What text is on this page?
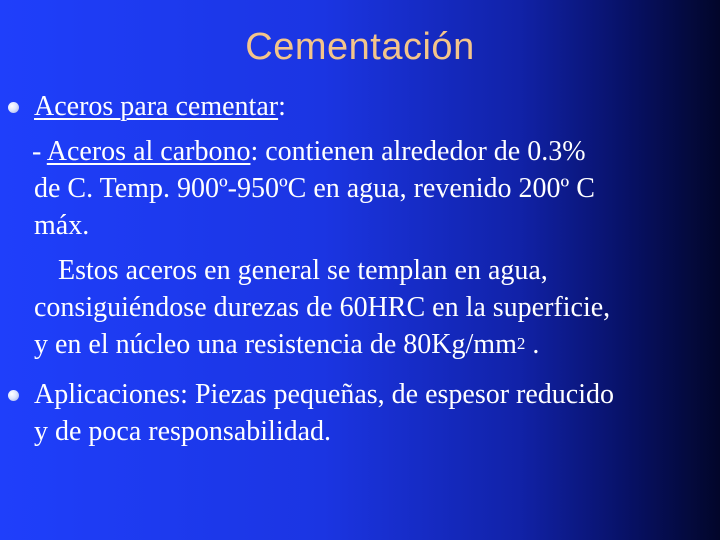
Cementación
Aceros para cementar:
- Aceros al carbono: contienen alrededor de 0.3%
de C. Temp. 900º-950ºC en agua, revenido 200º C
máx.
Estos aceros en general se templan en agua,
consiguiéndose durezas de 60HRC en la superficie,
y en el núcleo una resistencia de $80Kg/mm^2$ .
Aplicaciones: Piezas pequeñas, de espesor reducido
y de poca responsabilidad.
